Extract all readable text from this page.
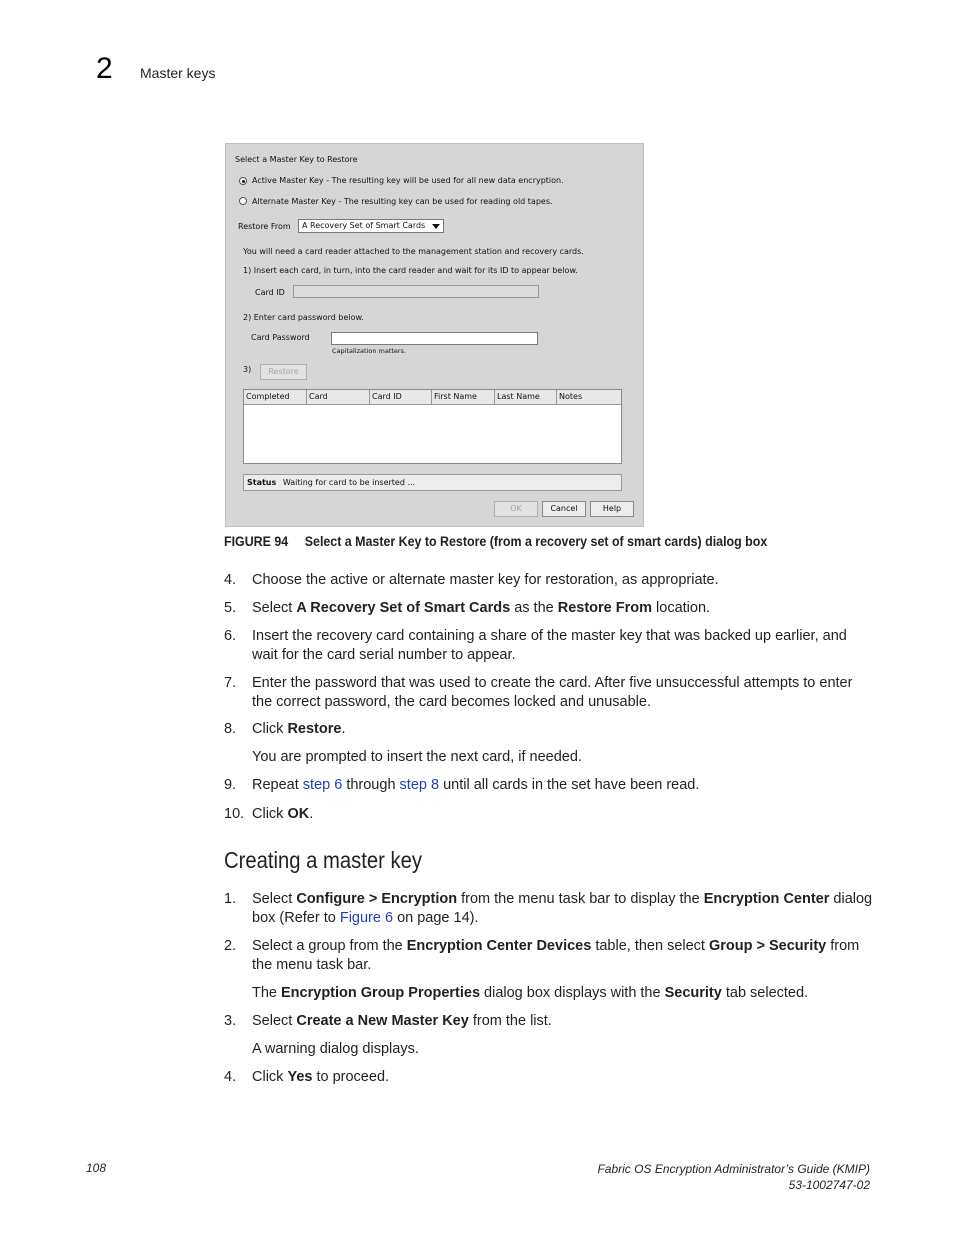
2 Master keys
Select a Master Key to Restore
Active Master Key - The resulting key will be used for all new data encryption.
Alternate Master Key - The resulting key can be used for reading old tapes.
Restore From	A Recovery Set of Smart Cards
You will need a card reader attached to the management station and recovery cards.
1) Insert each card, in turn, into the card reader and wait for its ID to appear below.
Card ID
2) Enter card password below.
Card Password
Capitalization matters.
3)	Restore
Completed	Card	Card ID	First Name	Last Name	Notes
Status Waiting for card to be inserted ...
OK	Cancel	Help
FIGURE 94 Select a Master Key to Restore (from a recovery set of smart cards) dialog box
4. Choose the active or alternate master key for restoration, as appropriate.
5. Select A Recovery Set of Smart Cards as the Restore From location.
6. Insert the recovery card containing a share of the master key that was backed up earlier, and wait for the card serial number to appear.
7. Enter the password that was used to create the card. After five unsuccessful attempts to enter the correct password, the card becomes locked and unusable.
8. Click Restore.
You are prompted to insert the next card, if needed.
9. Repeat step 6 through step 8 until all cards in the set have been read.
10. Click OK.
Creating a master key
1. Select Configure > Encryption from the menu task bar to display the Encryption Center dialog box (Refer to Figure 6 on page 14).
2. Select a group from the Encryption Center Devices table, then select Group > Security from the menu task bar.
The Encryption Group Properties dialog box displays with the Security tab selected.
3. Select Create a New Master Key from the list.
A warning dialog displays.
4. Click Yes to proceed.
108	Fabric OS Encryption Administrator’s Guide (KMIP)
53-1002747-02
